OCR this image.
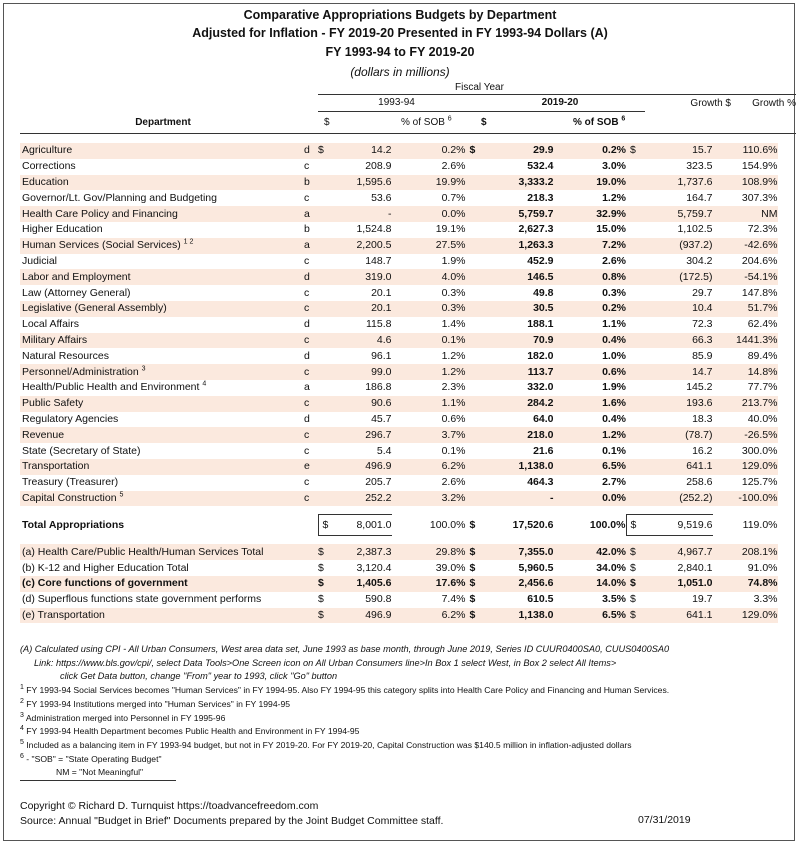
Comparative Appropriations Budgets by Department
Adjusted for Inflation - FY 2019-20 Presented in FY 1993-94 Dollars (A)
FY 1993-94 to FY 2019-20
(dollars in millions)
Fiscal Year
		1993-94			2019-20			Growth $		Growth %
Department		$		% of SOB $^6$	$		% of SOB $^6$			
Agriculture	d	$	14.2	0.2%	$	29.9	0.2%	$	15.7	110.6%
Corrections	c		208.9	2.6%		532.4	3.0%		323.5	154.9%
Education	b		1,595.6	19.9%		3,333.2	19.0%		1,737.6	108.9%
Governor/Lt. Gov/Planning and Budgeting	c		53.6	0.7%		218.3	1.2%		164.7	307.3%
Health Care Policy and Financing	a		-	0.0%		5,759.7	32.9%		5,759.7	NM
Higher Education	b		1,524.8	19.1%		2,627.3	15.0%		1,102.5	72.3%
Human Services (Social Services) $^{1 2}$	a		2,200.5	27.5%		1,263.3	7.2%		(937.2)	-42.6%
Judicial	c		148.7	1.9%		452.9	2.6%		304.2	204.6%
Labor and Employment	d		319.0	4.0%		146.5	0.8%		(172.5)	-54.1%
Law (Attorney General)	c		20.1	0.3%		49.8	0.3%		29.7	147.8%
Legislative (General Assembly)	c		20.1	0.3%		30.5	0.2%		10.4	51.7%
Local Affairs	d		115.8	1.4%		188.1	1.1%		72.3	62.4%
Military Affairs	c		4.6	0.1%		70.9	0.4%		66.3	1441.3%
Natural Resources	d		96.1	1.2%		182.0	1.0%		85.9	89.4%
Personnel/Administration $^3$	c		99.0	1.2%		113.7	0.6%		14.7	14.8%
Health/Public Health and Environment $^4$	a		186.8	2.3%		332.0	1.9%		145.2	77.7%
Public Safety	c		90.6	1.1%		284.2	1.6%		193.6	213.7%
Regulatory Agencies	d		45.7	0.6%		64.0	0.4%		18.3	40.0%
Revenue	c		296.7	3.7%		218.0	1.2%		(78.7)	-26.5%
State (Secretary of State)	c		5.4	0.1%		21.6	0.1%		16.2	300.0%
Transportation	e		496.9	6.2%		1,138.0	6.5%		641.1	129.0%
Treasury (Treasurer)	c		205.7	2.6%		464.3	2.7%		258.6	125.7%
Capital Construction $^5$	c		252.2	3.2%		-	0.0%		(252.2)	-100.0%

Total Appropriations		$	8,001.0	100.0%	$	17,520.6	100.0%	$	9,519.6	119.0%

(a) Health Care/Public Health/Human Services Total		$	2,387.3	29.8%	$	7,355.0	42.0%	$	4,967.7	208.1%
(b) K-12 and Higher Education Total		$	3,120.4	39.0%	$	5,960.5	34.0%	$	2,840.1	91.0%
(c) Core functions of government		$	1,405.6	17.6%	$	2,456.6	14.0%	$	1,051.0	74.8%
(d) Superflous functions state government performs		$	590.8	7.4%	$	610.5	3.5%	$	19.7	3.3%
(e) Transportation		$	496.9	6.2%	$	1,138.0	6.5%	$	641.1	129.0%
(A) Calculated using CPI - All Urban Consumers, West area data set, June 1993 as base month, through June 2019, Series ID CUUR0400SA0, CUUS0400SA0
Link: https://www.bls.gov/cpi/, select Data Tools>One Screen icon on All Urban Consumers line>In Box 1 select West, in Box 2 select All Items>
click Get Data button, change "From" year to 1993, click "Go" button
$^1$ FY 1993-94 Social Services becomes "Human Services" in FY 1994-95. Also FY 1994-95 this category splits into Health Care Policy and Financing and Human Services.
$^2$ FY 1993-94 Institutions merged into "Human Services" in FY 1994-95
$^3$ Administration merged into Personnel in FY 1995-96
$^4$ FY 1993-94 Health Department becomes Public Health and Environment in FY 1994-95
$^5$ Included as a balancing item in FY 1993-94 budget, but not in FY 2019-20. For FY 2019-20, Capital Construction was $140.5 million in inflation-adjusted dollars
$^6$ - "SOB" = "State Operating Budget"
NM = "Not Meaningful"
Copyright © Richard D. Turnquist https://toadvancefreedom.com
Source: Annual "Budget in Brief" Documents prepared by the Joint Budget Committee staff.	07/31/2019
